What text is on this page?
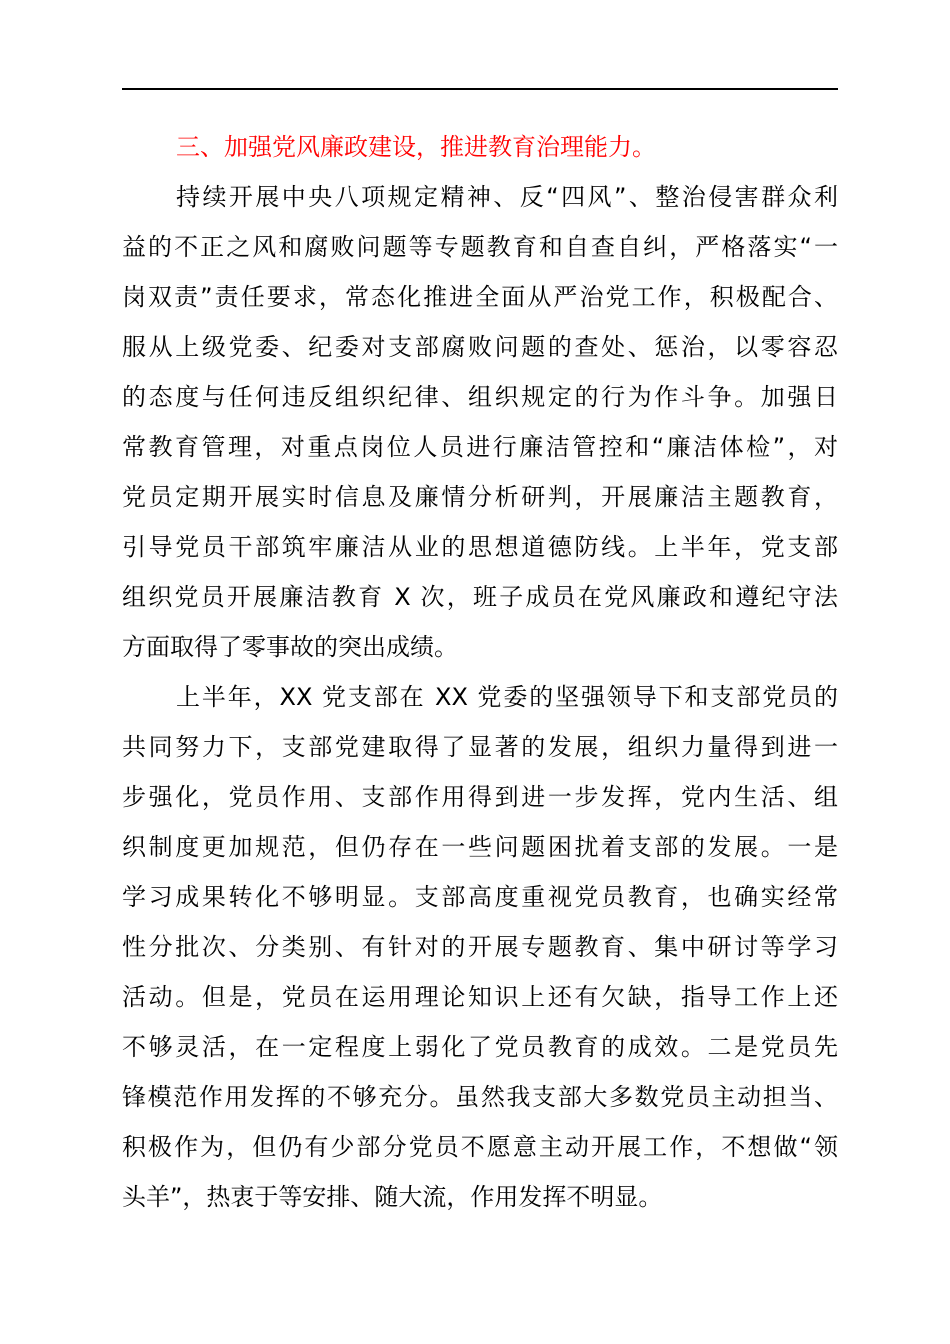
三、加强党风廉政建设，推进教育治理能力。

持续开展中央八项规定精神、反“四风”、整治侵害群众利
益的不正之风和腐败问题等专题教育和自查自纠，严格落实“一
岗双责”责任要求，常态化推进全面从严治党工作，积极配合、
服从上级党委、纪委对支部腐败问题的查处、惩治，以零容忍
的态度与任何违反组织纪律、组织规定的行为作斗争。加强日
常教育管理，对重点岗位人员进行廉洁管控和“廉洁体检”，对
党员定期开展实时信息及廉情分析研判，开展廉洁主题教育，
引导党员干部筑牢廉洁从业的思想道德防线。上半年，党支部
组织党员开展廉洁教育 X 次，班子成员在党风廉政和遵纪守法
方面取得了零事故的突出成绩。

上半年，XX 党支部在 XX 党委的坚强领导下和支部党员的
共同努力下，支部党建取得了显著的发展，组织力量得到进一
步强化，党员作用、支部作用得到进一步发挥，党内生活、组
织制度更加规范，但仍存在一些问题困扰着支部的发展。一是
学习成果转化不够明显。支部高度重视党员教育，也确实经常
性分批次、分类别、有针对的开展专题教育、集中研讨等学习
活动。但是，党员在运用理论知识上还有欠缺，指导工作上还
不够灵活，在一定程度上弱化了党员教育的成效。二是党员先
锋模范作用发挥的不够充分。虽然我支部大多数党员主动担当、
积极作为，但仍有少部分党员不愿意主动开展工作，不想做“领
头羊”，热衷于等安排、随大流，作用发挥不明显。
